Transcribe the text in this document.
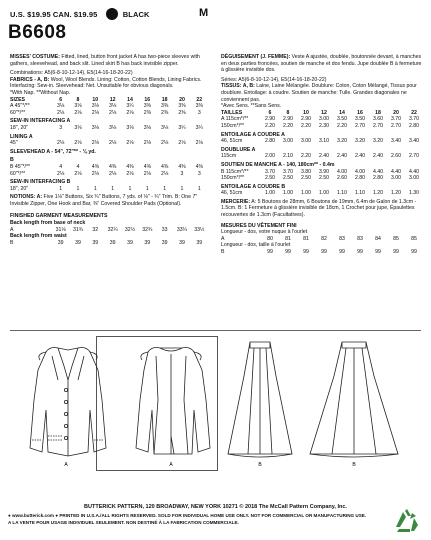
U.S. $19.95 CAN. $19.95	BLACK	M
B6608

MISSES' COSTUME: Fitted, lined, button front jacket A has two-piece sleeves with gathers, sleevehead, and back slit. Lined skirt B has back invisible zipper.

Combinations: A5(6-8-10-12-14), E5(14-16-18-20-22)

FABRICS - A, B: Wool, Wool Blends. Lining: Cotton, Cotton Blends, Lining Fabrics. Interfacing: Sew-in. Sleevehead: Net. Unsuitable for obvious diagonals.

*With Nap. **Without Nap.

SIZES	6	8	10	12	14	16	18	20	22
A 45"*/**	3⅛	3⅛	3⅛	3⅛	3¼	3⅜	3⅜	3⅜	3⅜
60"*/**	2⅛	2⅛	2⅛	2⅛	2⅛	2⅜	2⅜	2⅜	3

SEW-IN INTERFACING A

18", 20"	3	3⅛	3⅛	3⅛	3⅛	3⅛	3⅛	3¼	3¼

LINING A

45"	2⅛	2⅛	2⅛	2⅛	2⅛	2⅛	2⅛	2⅛	2⅛

SLEEVEHEAD A - 54", 72"** - ⅛ yd.

B

B 45"*/**	4	4	4⅜	4⅜	4⅜	4⅜	4⅜	4⅜	4⅜
60"*/**	2⅛	2⅛	2⅛	2⅛	2⅛	2⅛	2⅛	3	3

SEW-IN INTERFACING B

18", 20"	1	1	1	1	1	1	1	1	1

NOTIONS: A: Five 1⅛" Buttons, Six ¾" Buttons, 7 yds. of ⅛" - ¾" Trim. B: One 7" Invisible Zipper, One Hook and Bar, ⅜" Covered Shoulder Pads (Optional).

FINISHED GARMENT MEASUREMENTS

Back length from base of neck

A	31⅛	31¾	32	32¼	32½	32¾	33	33¼	33½

Back length from waist

B	39	39	39	39	39	39	39	39	39

DÉGUISEMENT (J. FEMME): Veste A ajustée, doublée, boutonnée devant, à manches en deux parties froncées, soutien de manche et dos fendu. Jupe doublée B à fermeture à glissière invisible dos.

Séries: A5(6-8-10-12-14), E5(14-16-18-20-22)

TISSUS: A, B: Laine, Laine Mélangée. Doublure: Coton, Coton Mélangé, Tissus pour doublure. Entoilage: à coudre. Soutien de manche: Tulle. Grandes diagonales ne conviennent pas.

*Avec Sens. **Sans Sens.

TAILLES	6	8	10	12	14	16	18	20	22
A 115cm*/**	2.90	2.90	2.90	3.00	3.50	3.50	3.60	3.70	3.70
150cm*/**	2.20	2.20	2.20	2.30	2.20	2.70	2.70	2.70	2.80

ENTOILAGE A COUDRE A

46, 51cm	2.80	3.00	3.00	3.10	3.20	3.20	3.20	3.40	3.40

DOUBLURE A

115cm	2.00	2.10	2.20	2.40	2.40	2.40	2.40	2.60	2.70

SOUTIEN DE MANCHE A - 140, 180cm** - 0.4m

B 115cm*/**	3.70	3.70	3.80	3.90	4.00	4.00	4.40	4.40	4.40
150cm*/**	2.50	2.50	2.50	2.50	2.60	2.80	2.80	3.00	3.00

ENTOILAGE A COUDRE B

46, 51cm	1.00	1.00	1.00	1.00	1.10	1.10	1.20	1.20	1.30

MERCERIE: A: 5 Boutons de 28mm, 6 Boutons de 19mm, 6.4m de Galon de 1.3cm - 1.5cm. B: 1 Fermeture à glissière invisible de 18cm, 1 Crochet pour jupe, Épaulettes recouvertes de 1.3cm (Facultatives).

MESURES DU VÊTEMENT FINI

Longueur - dos, votre nuque à l'ourlet

A	80	81	81	82	83	83	84	85	85

Longueur - dos, taille à l'ourlet

B	99	99	99	99	99	99	99	99	99
A	A	B	B
BUTTERICK PATTERN, 120 BROADWAY, NEW YORK 10271 © 2018 The McCall Pattern Company, Inc.
● www.butterick.com ● PRINTED IN U.S.A./ALL RIGHTS RESERVED. SOLD FOR INDIVIDUAL HOME USE ONLY. NOT FOR COMMERCIAL OR MANUFACTURING USE.
A LA VENTE POUR USAGE INDIVIDUEL SEULEMENT. NON DESTINÉ À LA FABRICATION COMMERCIALE.
